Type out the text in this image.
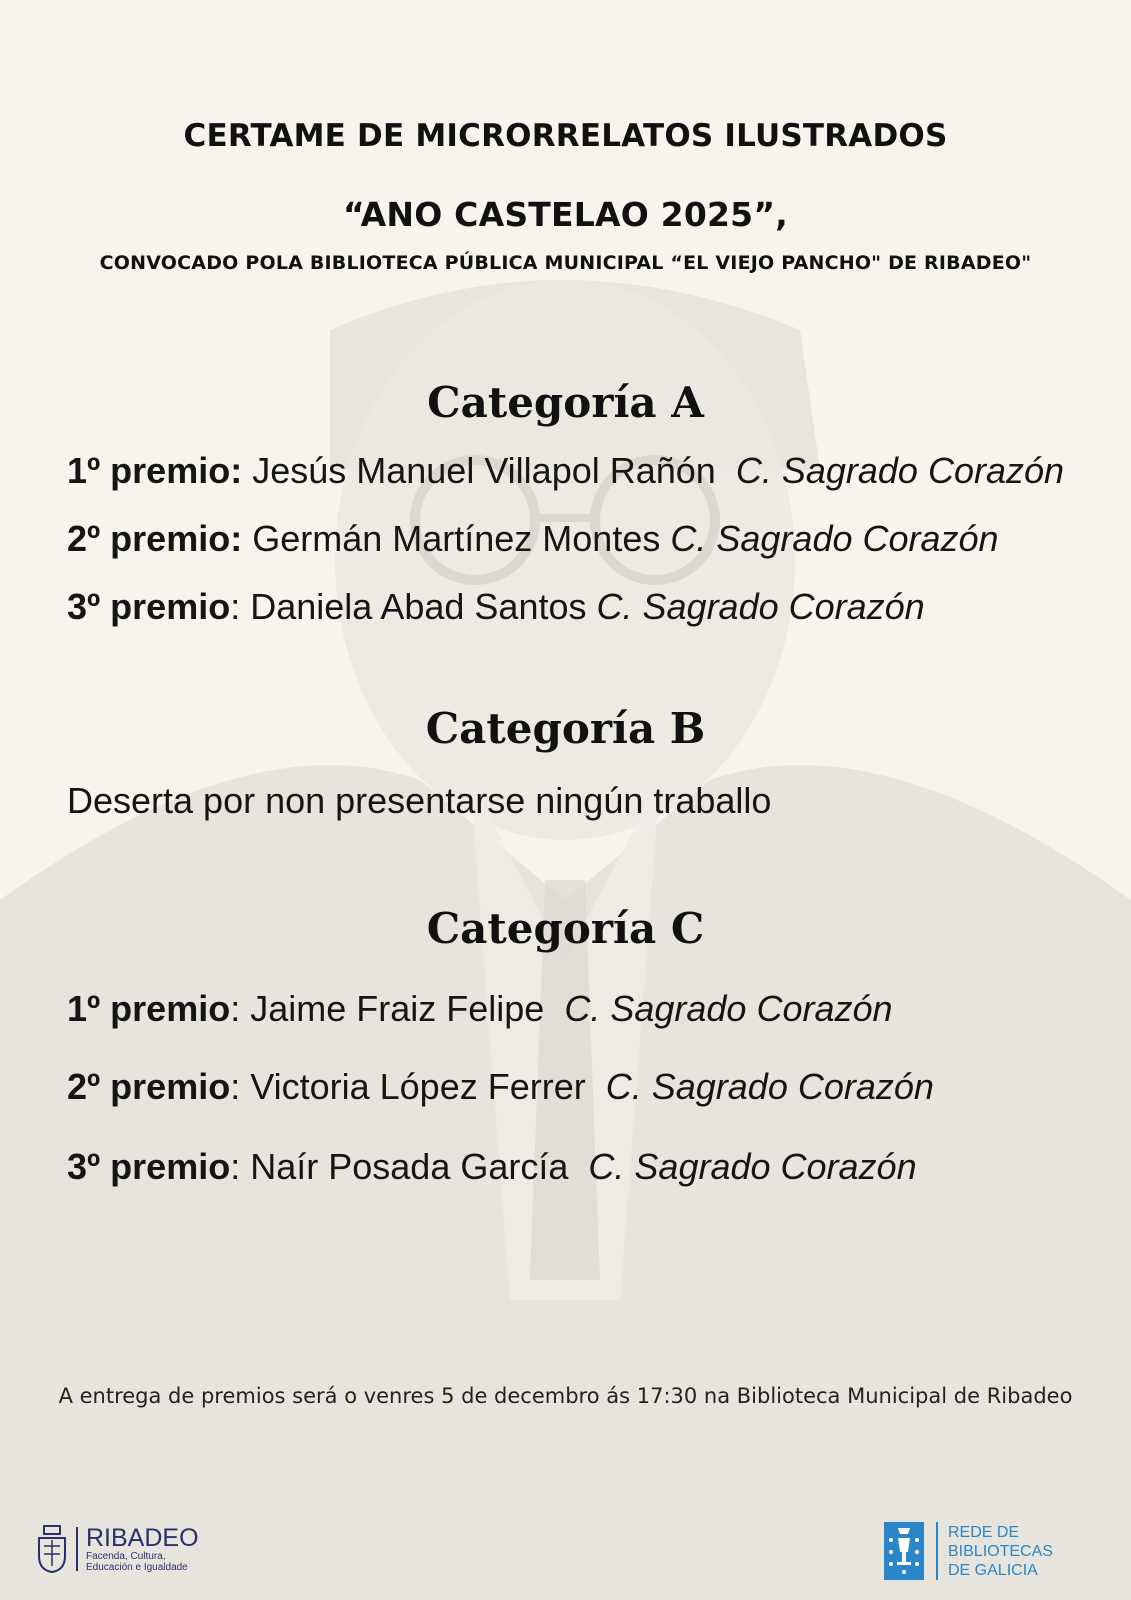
CERTAME DE MICRORRELATOS ILUSTRADOS
“ANO CASTELAO 2025”,
CONVOCADO POLA BIBLIOTECA PÚBLICA MUNICIPAL “EL VIEJO PANCHO" DE RIBADEO"
Categoría A
1º premio: Jesús Manuel Villapol Rañón C. Sagrado Corazón
2º premio: Germán Martínez Montes C. Sagrado Corazón
3º premio: Daniela Abad Santos C. Sagrado Corazón
Categoría B
Deserta por non presentarse ningún traballo
Categoría C
1º premio: Jaime Fraiz Felipe C. Sagrado Corazón
2º premio: Victoria López Ferrer C. Sagrado Corazón
3º premio: Naír Posada García C. Sagrado Corazón
A entrega de premios será o venres 5 de decembro ás 17:30 na Biblioteca Municipal de Ribadeo
RIBADEO
Facenda, Cultura,
Educación e Igualdade
REDE DE
BIBLIOTECAS
DE GALICIA
